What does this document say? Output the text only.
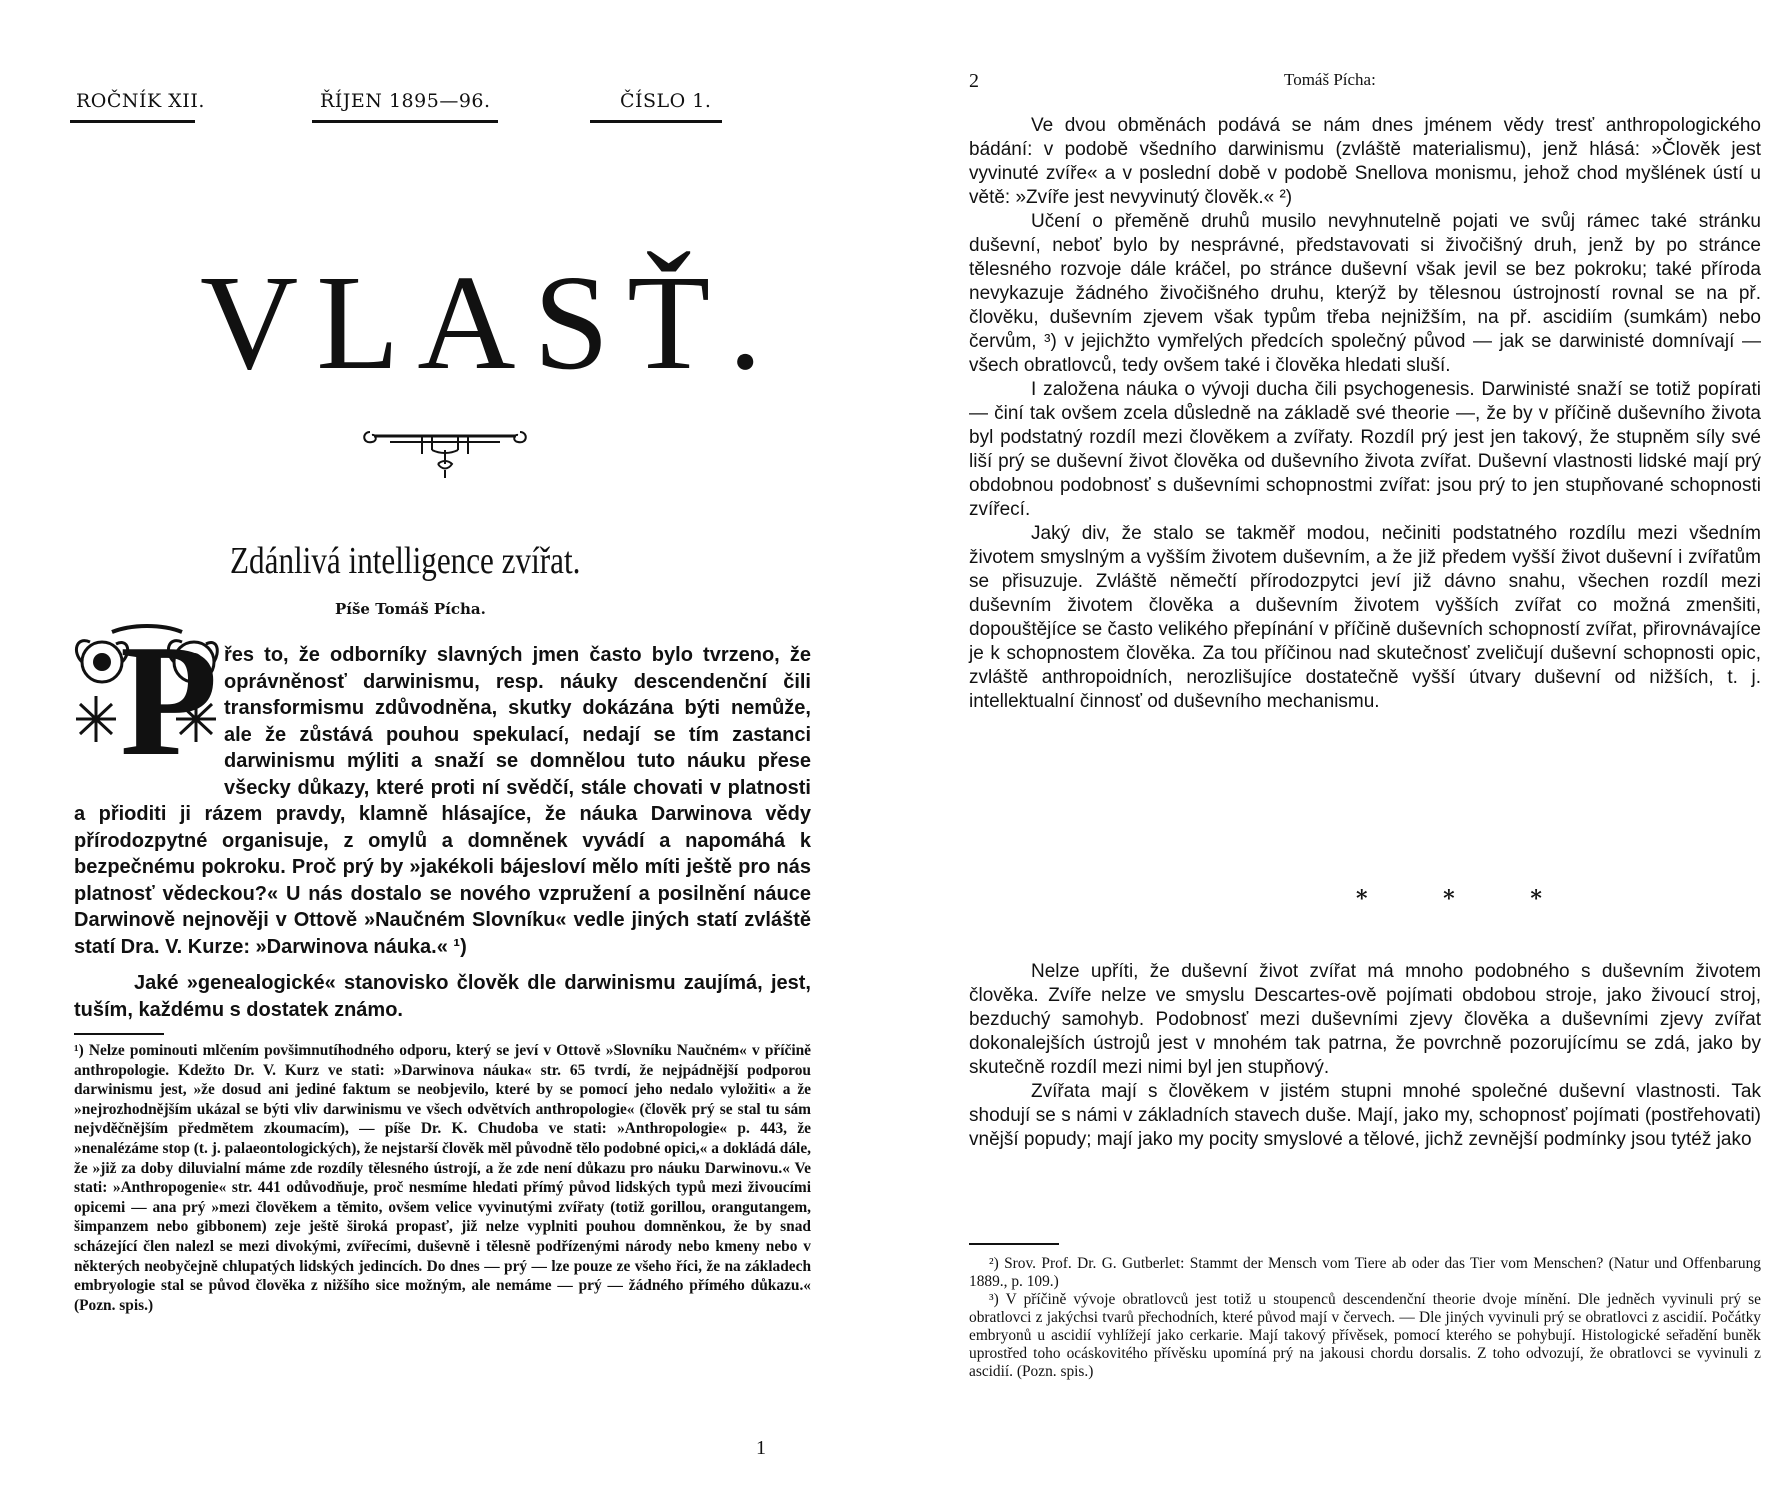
ROČNÍK XII.	ŘÍJEN 1895—96.	ČÍSLO 1.
VLASŤ.
Zdánlivá intelligence zvířat.
Píše Tomáš Pícha.
P řes to, že odborníky slavných jmen často bylo tvrzeno, že oprávněnosť darwinismu, resp. náuky descendenční čili transformismu zdůvodněna, skutky dokázána býti nemůže, ale že zůstává pouhou spekulací, nedají se tím zastanci darwinismu mýliti a snaží se domnělou tuto náuku přese všecky důkazy, které proti ní svědčí, stále chovati v platnosti a přioditi ji rázem pravdy, klamně hlásajíce, že náuka Darwinova vědy přírodozpytné organisuje, z omylů a domněnek vyvádí a napomáhá k bezpečnému pokroku. Proč prý by »jakékoli bájesloví mělo míti ještě pro nás platnosť vědeckou?« U nás dostalo se nového vzpružení a posilnění náuce Darwinově nejnověji v Ottově »Naučném Slovníku« vedle jiných statí zvláště statí Dra. V. Kurze: »Darwinova náuka.« ¹)
Jaké »genealogické« stanovisko člověk dle darwinismu zaujímá, jest, tuším, každému s dostatek známo.
¹) Nelze pominouti mlčením povšimnutíhodného odporu, který se jeví v Ottově »Slovníku Naučném« v příčině anthropologie. Kdežto Dr. V. Kurz ve stati: »Darwinova náuka« str. 65 tvrdí, že nejpádnější podporou darwinismu jest, »že dosud ani jediné faktum se neobjevilo, které by se pomocí jeho nedalo vyložiti« a že »nejrozhodnějším ukázal se býti vliv darwinismu ve všech odvětvích anthropologie« (člověk prý se stal tu sám nejvděčnějším předmětem zkoumacím), — píše Dr. K. Chudoba ve stati: »Anthropologie« p. 443, že »nenalézáme stop (t. j. palaeontologických), že nejstarší člověk měl původně tělo podobné opici,« a dokládá dále, že »již za doby diluvialní máme zde rozdíly tělesného ústrojí, a že zde není důkazu pro náuku Darwinovu.« Ve stati: »Anthropogenie« str. 441 odůvodňuje, proč nesmíme hledati přímý původ lidských typů mezi živoucími opicemi — ana prý »mezi člověkem a těmito, ovšem velice vyvinutými zvířaty (totiž gorillou, orangutangem, šimpanzem nebo gibbonem) zeje ještě široká propasť, již nelze vyplniti pouhou domněnkou, že by snad scházející člen nalezl se mezi divokými, zvířecími, duševně i tělesně podřízenými národy nebo kmeny nebo v některých neobyčejně chlupatých lidských jedincích. Do dnes — prý — lze pouze ze všeho říci, že na základech embryologie stal se původ člověka z nižšího sice možným, ale nemáme — prý — žádného přímého důkazu.« (Pozn. spis.)
1
2	Tomáš Pícha:

Ve dvou obměnách podává se nám dnes jménem vědy tresť anthropologického bádání: v podobě všedního darwinismu (zvláště materialismu), jenž hlásá: »Člověk jest vyvinuté zvíře« a v poslední době v podobě Snellova monismu, jehož chod myšlének ústí u větě: »Zvíře jest nevyvinutý člověk.« ²)

Učení o přeměně druhů musilo nevyhnutelně pojati ve svůj rámec také stránku duševní, neboť bylo by nesprávné, představovati si živočišný druh, jenž by po stránce tělesného rozvoje dále kráčel, po stránce duševní však jevil se bez pokroku; také příroda nevykazuje žádného živočišného druhu, kterýž by tělesnou ústrojností rovnal se na př. člověku, duševním zjevem však typům třeba nejnižším, na př. ascidiím (sumkám) nebo červům, ³) v jejichžto vymřelých předcích společný původ — jak se darwinisté domnívají — všech obratlovců, tedy ovšem také i člověka hledati sluší.

I založena náuka o vývoji ducha čili psychogenesis. Darwinisté snaží se totiž popírati — činí tak ovšem zcela důsledně na základě své theorie —, že by v příčině duševního života byl podstatný rozdíl mezi člověkem a zvířaty. Rozdíl prý jest jen takový, že stupněm síly své liší prý se duševní život člověka od duševního života zvířat. Duševní vlastnosti lidské mají prý obdobnou podobnosť s duševními schopnostmi zvířat: jsou prý to jen stupňované schopnosti zvířecí.

Jaký div, že stalo se takměř modou, nečiniti podstatného rozdílu mezi všedním životem smyslným a vyšším životem duševním, a že již předem vyšší život duševní i zvířatům se přisuzuje. Zvláště němečtí přírodozpytci jeví již dávno snahu, všechen rozdíl mezi duševním životem člověka a duševním životem vyšších zvířat co možná zmenšiti, dopouštějíce se často velikého přepínání v příčině duševních schopností zvířat, přirovnávajíce je k schopnostem člověka. Za tou příčinou nad skutečnosť zveličují duševní schopnosti opic, zvláště anthropoidních, nerozlišujíce dostatečně vyšší útvary duševní od nižších, t. j. intellektualní činnosť od duševního mechanismu.

* * *

Nelze upříti, že duševní život zvířat má mnoho podobného s duševním životem člověka. Zvíře nelze ve smyslu Descartes-ově pojímati obdobou stroje, jako živoucí stroj, bezduchý samohyb. Podobnosť mezi duševními zjevy člověka a duševními zjevy zvířat dokonalejších ústrojů jest v mnohém tak patrna, že povrchně pozorujícímu se zdá, jako by skutečně rozdíl mezi nimi byl jen stupňový.

Zvířata mají s člověkem v jistém stupni mnohé společné duševní vlastnosti. Tak shodují se s námi v základních stavech duše. Mají, jako my, schopnosť pojímati (postřehovati) vnější popudy; mají jako my pocity smyslové a tělové, jichž zevnější podmínky jsou tytéž jako

²) Srov. Prof. Dr. G. Gutberlet: Stammt der Mensch vom Tiere ab oder das Tier vom Menschen? (Natur und Offenbarung 1889., p. 109.)

³) V příčině vývoje obratlovců jest totiž u stoupenců descendenční theorie dvoje mínění. Dle jedněch vyvinuli prý se obratlovci z jakýchsi tvarů přechodních, které původ mají v červech. — Dle jiných vyvinuli prý se obratlovci z ascidií. Počátky embryonů u ascidií vyhlížejí jako cerkarie. Mají takový přívěsek, pomocí kterého se pohybují. Histologické seřadění buněk uprostřed toho ocáskovitého přívěsku upomíná prý na jakousi chordu dorsalis. Z toho odvozují, že obratlovci se vyvinuli z ascidií. (Pozn. spis.)
